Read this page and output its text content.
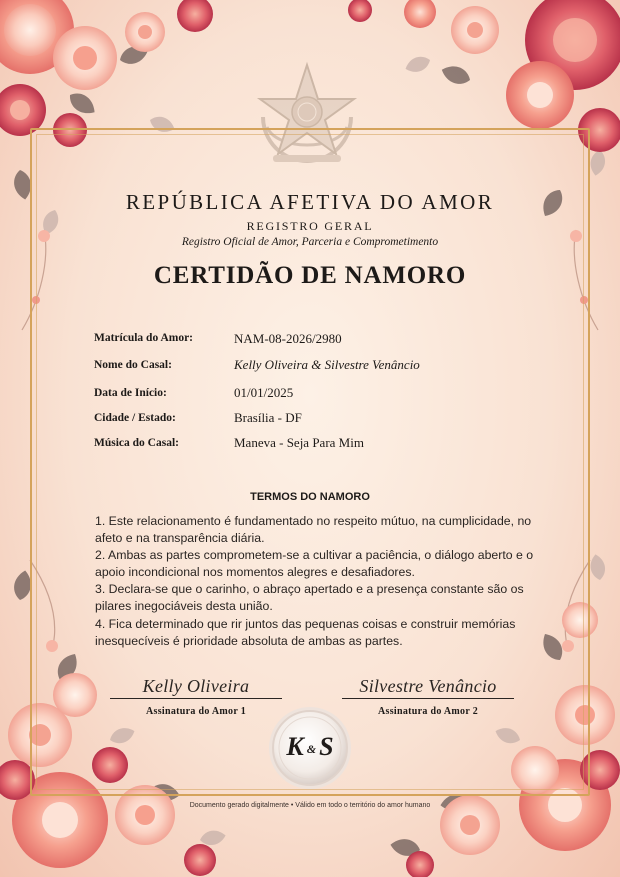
REPÚBLICA AFETIVA DO AMOR
REGISTRO GERAL
Registro Oficial de Amor, Parceria e Comprometimento
CERTIDÃO DE NAMORO
Matrícula do Amor:	NAM-08-2026/2980
Nome do Casal:	Kelly Oliveira & Silvestre Venâncio
Data de Início:	01/01/2025
Cidade / Estado:	Brasília - DF
Música do Casal:	Maneva - Seja Para Mim
TERMOS DO NAMORO

1. Este relacionamento é fundamentado no respeito mútuo, na cumplicidade, no afeto e na transparência diária.

2. Ambas as partes comprometem-se a cultivar a paciência, o diálogo aberto e o apoio incondicional nos momentos alegres e desafiadores.

3. Declara-se que o carinho, o abraço apertado e a presença constante são os pilares inegociáveis desta união.

4. Fica determinado que rir juntos das pequenas coisas e construir memórias inesquecíveis é prioridade absoluta de ambas as partes.

Kelly Oliveira
Assinatura do Amor 1
Silvestre Venâncio
Assinatura do Amor 2
K & S
Documento gerado digitalmente • Válido em todo o território do amor humano
